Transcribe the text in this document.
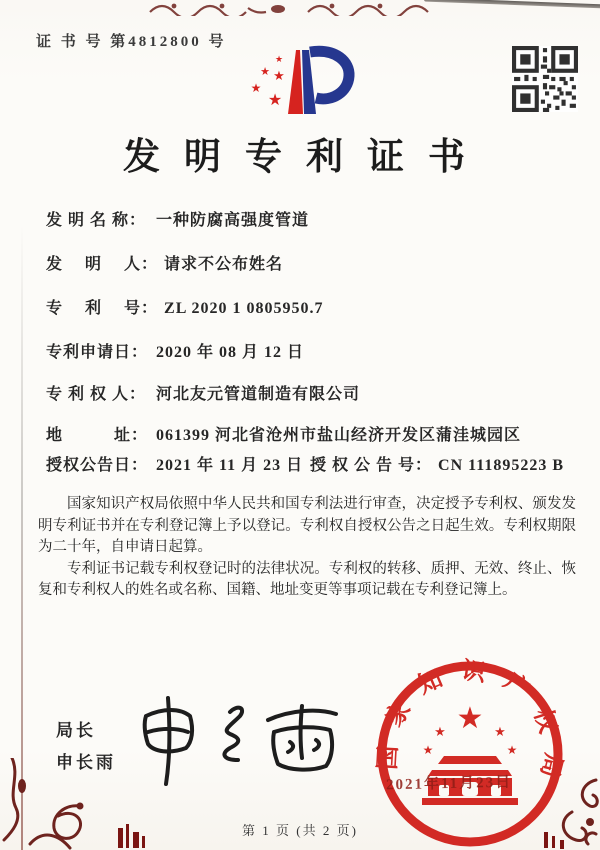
证 书 号 第4812800 号
★
★ ★
★
★
发明专利证书
发 明 名 称： 一种防腐高强度管道
发　 明　 人： 请求不公布姓名
专　 利　 号： ZL 2020 1 0805950.7
专利申请日： 2020 年 08 月 12 日
专 利 权 人： 河北友元管道制造有限公司
地　　　址： 061399 河北省沧州市盐山经济开发区蒲洼城园区
授权公告日： 2021 年 11 月 23 日 授 权 公 告 号： CN 111895223 B

国家知识产权局依照中华人民共和国专利法进行审查，决定授予专利权、颁发发明专利证书并在专利登记簿上予以登记。专利权自授权公告之日起生效。专利权期限为二十年，自申请日起算。

专利证书记载专利权登记时的法律状况。专利权的转移、质押、无效、终止、恢复和专利权人的姓名或名称、国籍、地址变更等事项记载在专利登记簿上。

局长
申长雨	国家知识产权局
★
★	★
★	★
2021年11月23日
第 1 页 (共 2 页)
